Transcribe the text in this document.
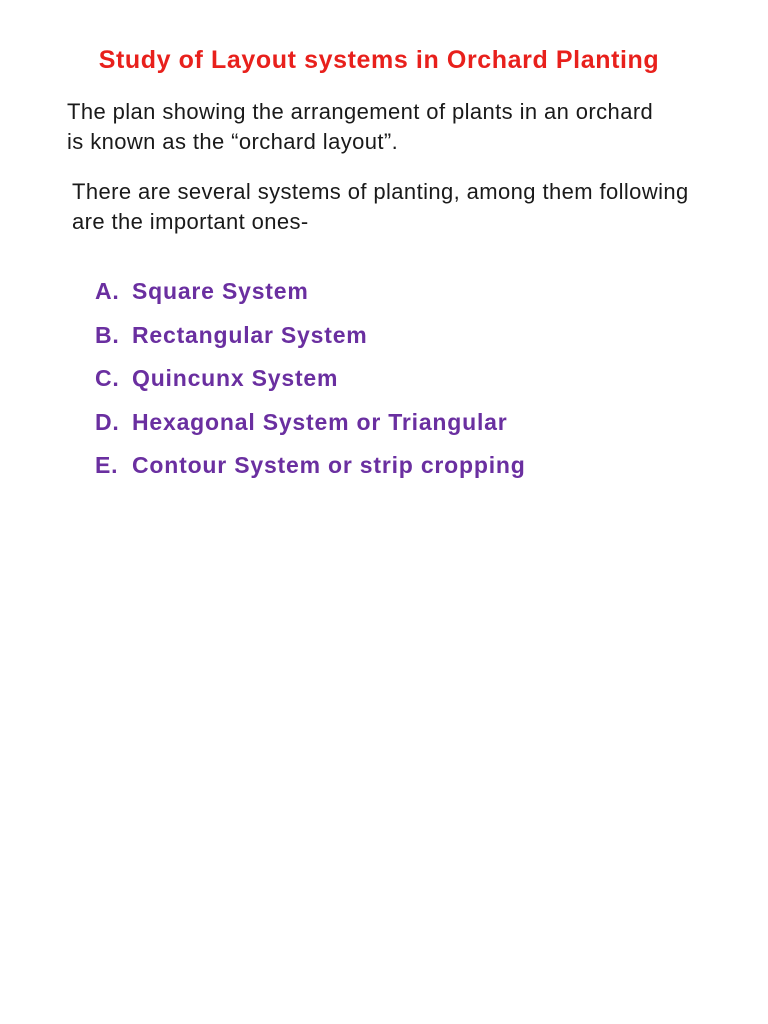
Study of Layout systems in Orchard Planting
The plan showing the arrangement of plants in an orchard
is known as the “orchard layout”.
There are several systems of planting, among them following
are the important ones-
A. Square System
B. Rectangular System
C. Quincunx System
D. Hexagonal System or Triangular
E. Contour System or strip cropping
